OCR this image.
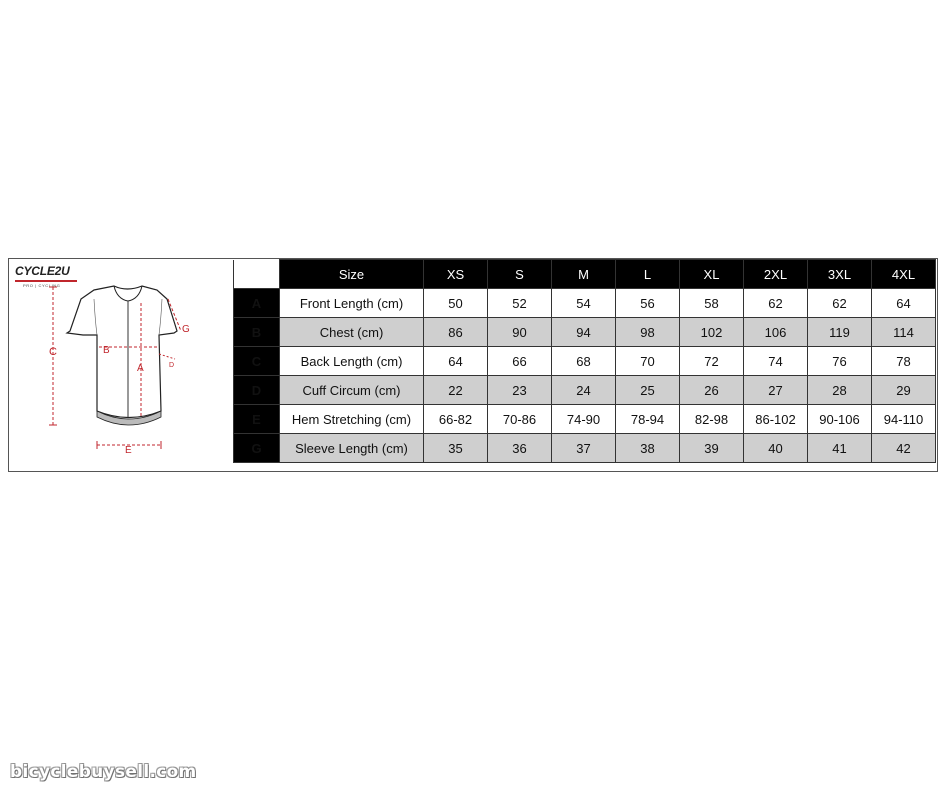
CYCLE2U
PRO | CYCLING
C	B
A
G
D
E
	Size	XS	S	M	L	XL	2XL	3XL	4XL
A	Front Length (cm)	50	52	54	56	58	62	62	64
B	Chest (cm)	86	90	94	98	102	106	119	114
C	Back Length (cm)	64	66	68	70	72	74	76	78
D	Cuff Circum (cm)	22	23	24	25	26	27	28	29
E	Hem Stretching (cm)	66-82	70-86	74-90	78-94	82-98	86-102	90-106	94-110
G	Sleeve Length (cm)	35	36	37	38	39	40	41	42
bicyclebuysell.com
